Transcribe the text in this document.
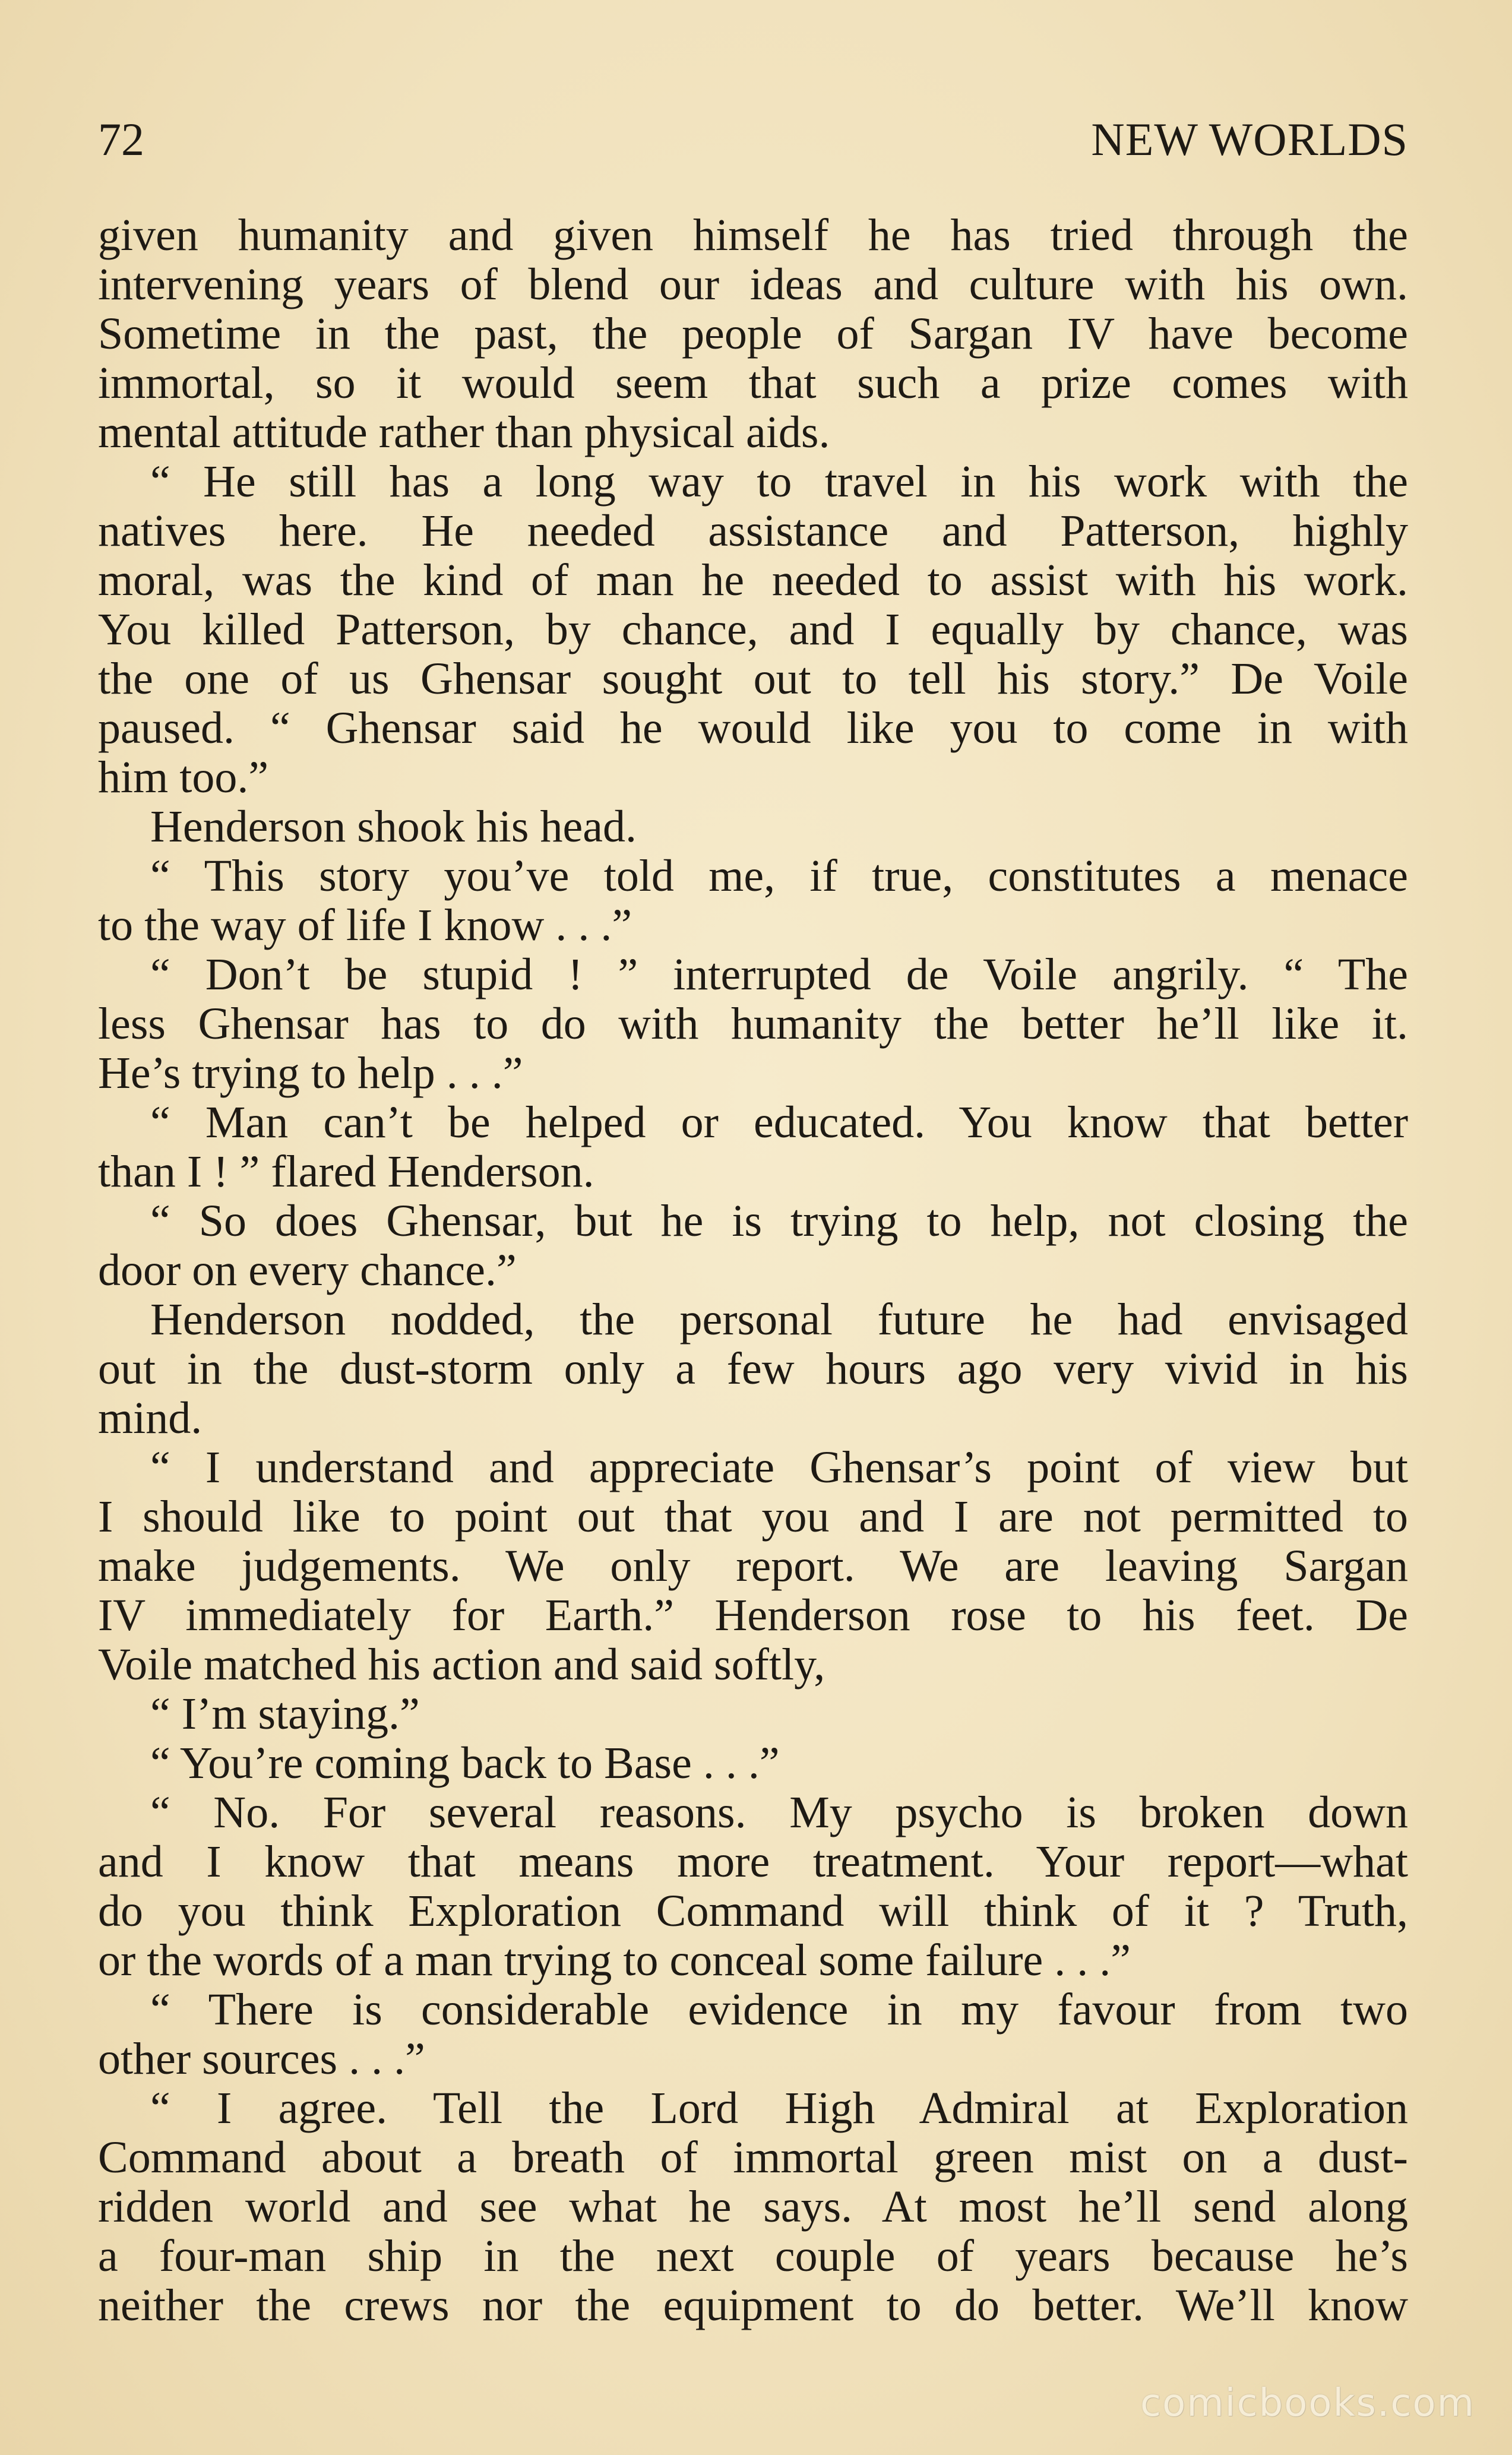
72	NEW WORLDS
given humanity and given himself he has tried through the
intervening years of blend our ideas and culture with his own.
Sometime in the past, the people of Sargan IV have become
immortal, so it would seem that such a prize comes with
mental attitude rather than physical aids.
“ He still has a long way to travel in his work with the
natives here. He needed assistance and Patterson, highly
moral, was the kind of man he needed to assist with his work.
You killed Patterson, by chance, and I equally by chance, was
the one of us Ghensar sought out to tell his story.” De Voile
paused. “ Ghensar said he would like you to come in with
him too.”
Henderson shook his head.
“ This story you’ve told me, if true, constitutes a menace
to the way of life I know . . .”
“ Don’t be stupid ! ” interrupted de Voile angrily. “ The
less Ghensar has to do with humanity the better he’ll like it.
He’s trying to help . . .”
“ Man can’t be helped or educated. You know that better
than I ! ” flared Henderson.
“ So does Ghensar, but he is trying to help, not closing the
door on every chance.”
Henderson nodded, the personal future he had envisaged
out in the dust-storm only a few hours ago very vivid in his
mind.
“ I understand and appreciate Ghensar’s point of view but
I should like to point out that you and I are not permitted to
make judgements. We only report. We are leaving Sargan
IV immediately for Earth.” Henderson rose to his feet. De
Voile matched his action and said softly,
“ I’m staying.”
“ You’re coming back to Base . . .”
“ No. For several reasons. My psycho is broken down
and I know that means more treatment. Your report—what
do you think Exploration Command will think of it ? Truth,
or the words of a man trying to conceal some failure . . .”
“ There is considerable evidence in my favour from two
other sources . . .”
“ I agree. Tell the Lord High Admiral at Exploration
Command about a breath of immortal green mist on a dust-
ridden world and see what he says. At most he’ll send along
a four-man ship in the next couple of years because he’s
neither the crews nor the equipment to do better. We’ll know
comicbooks.com
